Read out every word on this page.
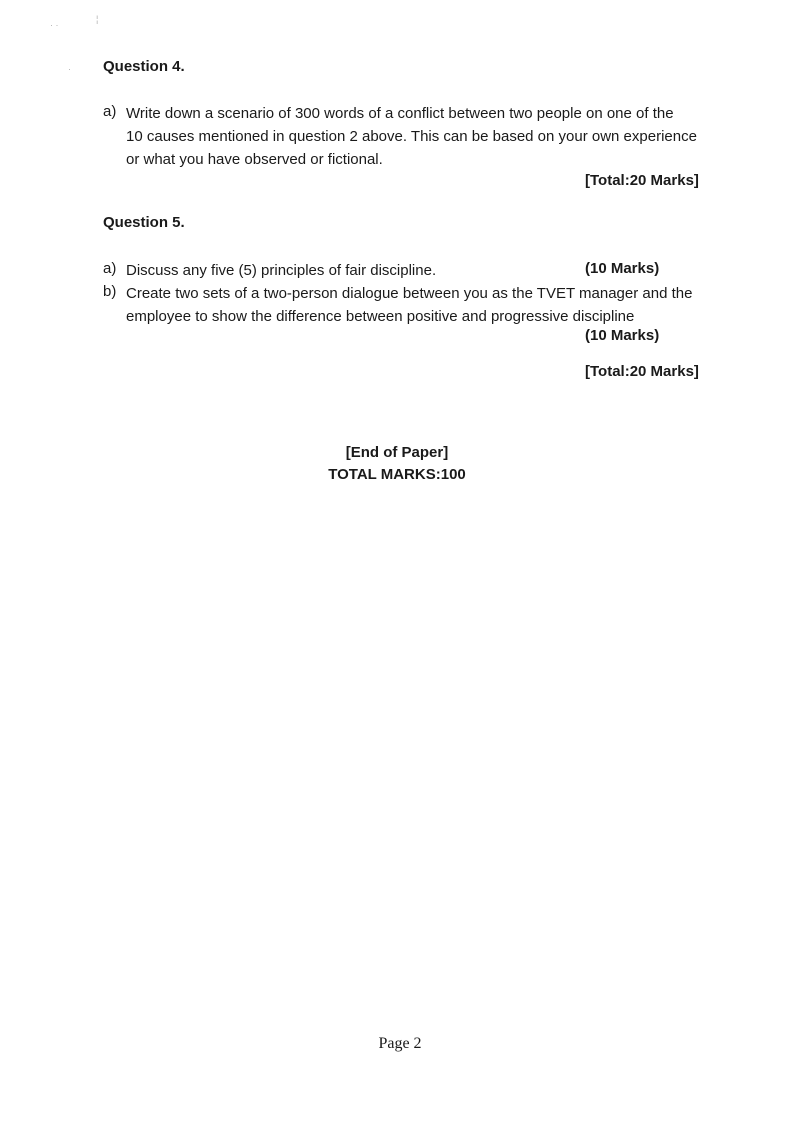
· ·
¦
· Question 4.
a) Write down a scenario of 300 words of a conflict between two people on one of the
10 causes mentioned in question 2 above. This can be based on your own experience
or what you have observed or fictional.
[Total:20 Marks]
Question 5.
a) Discuss any five (5) principles of fair discipline.	(10 Marks)
b) Create two sets of a two-person dialogue between you as the TVET manager and the
employee to show the difference between positive and progressive discipline
(10 Marks)
[Total:20 Marks]
[End of Paper]
TOTAL MARKS:100
Page 2
